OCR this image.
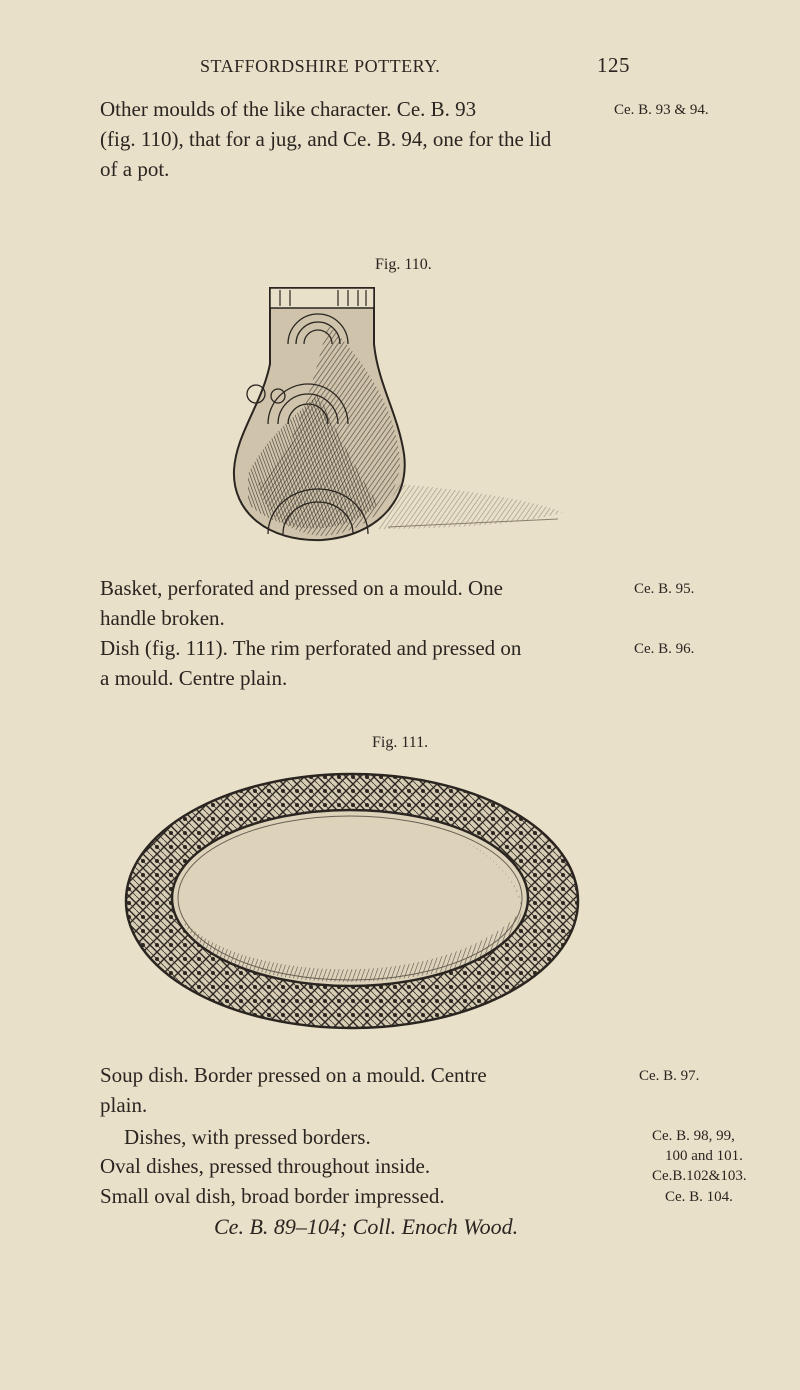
STAFFORDSHIRE POTTERY.	125
Other moulds of the like character. Ce. B. 93
(fig. 110), that for a jug, and Ce. B. 94, one for the lid
of a pot.
Ce. B. 93 & 94.
Fig. 110.
Basket, perforated and pressed on a mould. One
handle broken.
Ce. B. 95.
Dish (fig. 111). The rim perforated and pressed on
a mould. Centre plain.
Ce. B. 96.
Fig. 111.
Soup dish. Border pressed on a mould. Centre
plain.
Ce. B. 97.
Dishes, with pressed borders.
Oval dishes, pressed throughout inside.
Small oval dish, broad border impressed.
Ce. B. 98, 99,
100 and 101.
Ce.B.102&103.
Ce. B. 104.
Ce. B. 89–104; Coll. Enoch Wood.
